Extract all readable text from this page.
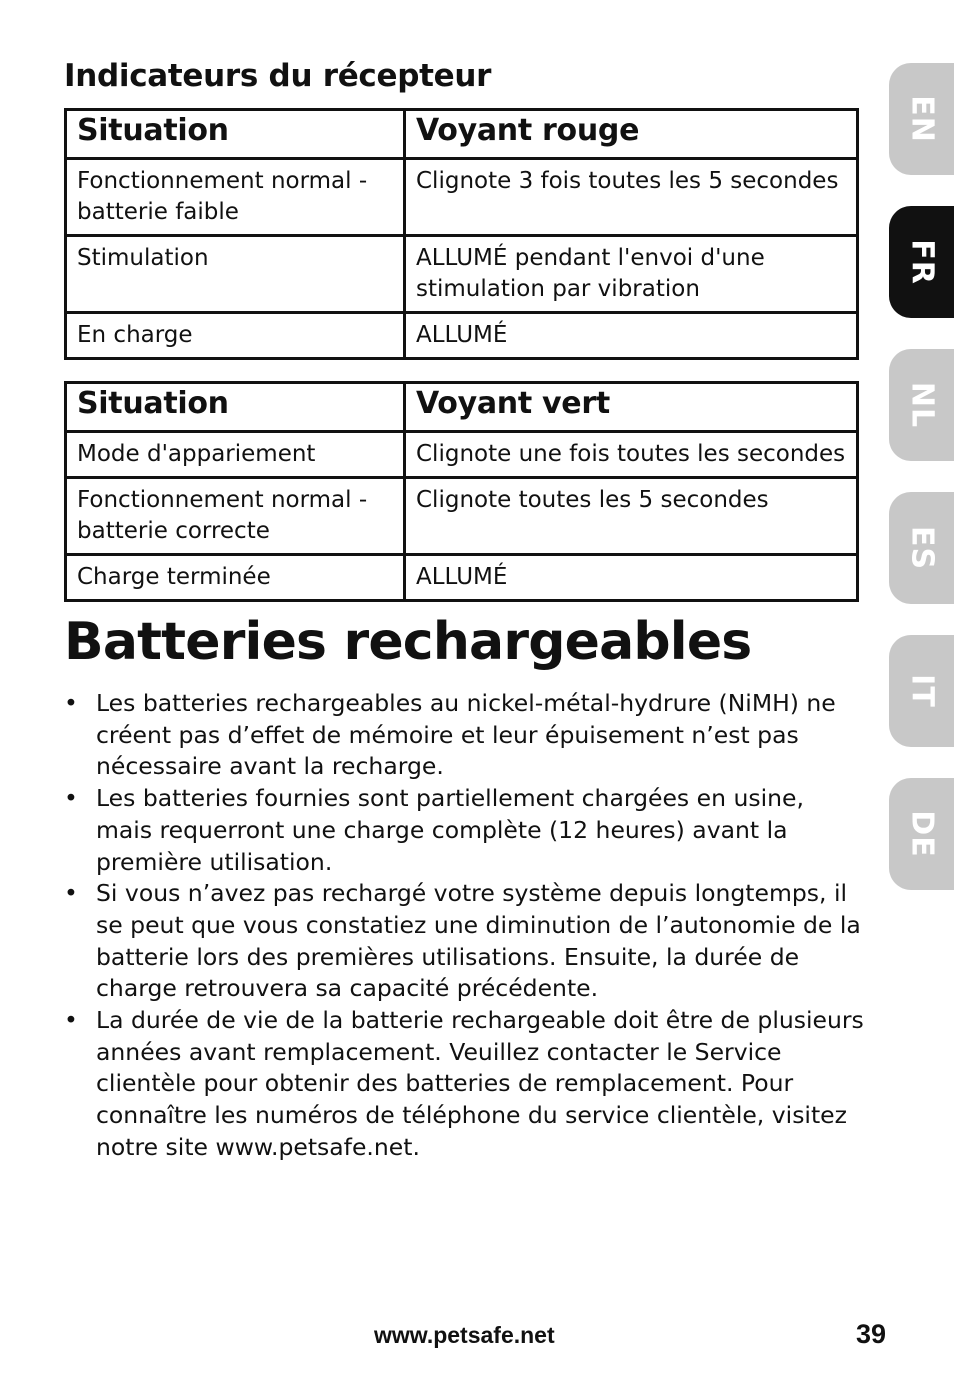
Indicateurs du récepteur
Situation	Voyant rouge
Fonctionnement normal - batterie faible	Clignote 3 fois toutes les 5 secondes
Stimulation	ALLUMÉ pendant l'envoi d'une stimulation par vibration
En charge	ALLUMÉ
Situation	Voyant vert
Mode d'appariement	Clignote une fois toutes les secondes
Fonctionnement normal - batterie correcte	Clignote toutes les 5 secondes
Charge terminée	ALLUMÉ
Batteries rechargeables
• Les batteries rechargeables au nickel-métal-hydrure (NiMH) ne créent pas d’effet de mémoire et leur épuisement n’est pas nécessaire avant la recharge.
• Les batteries fournies sont partiellement chargées en usine, mais requerront une charge complète (12 heures) avant la première utilisation.
• Si vous n’avez pas rechargé votre système depuis longtemps, il se peut que vous constatiez une diminution de l’autonomie de la batterie lors des premières utilisations. Ensuite, la durée de charge retrouvera sa capacité précédente.
• La durée de vie de la batterie rechargeable doit être de plusieurs années avant remplacement. Veuillez contacter le Service clientèle pour obtenir des batteries de remplacement. Pour connaître les numéros de téléphone du service clientèle, visitez notre site www.petsafe.net.
EN
FR
NL
ES
IT
DE
www.petsafe.net	39
